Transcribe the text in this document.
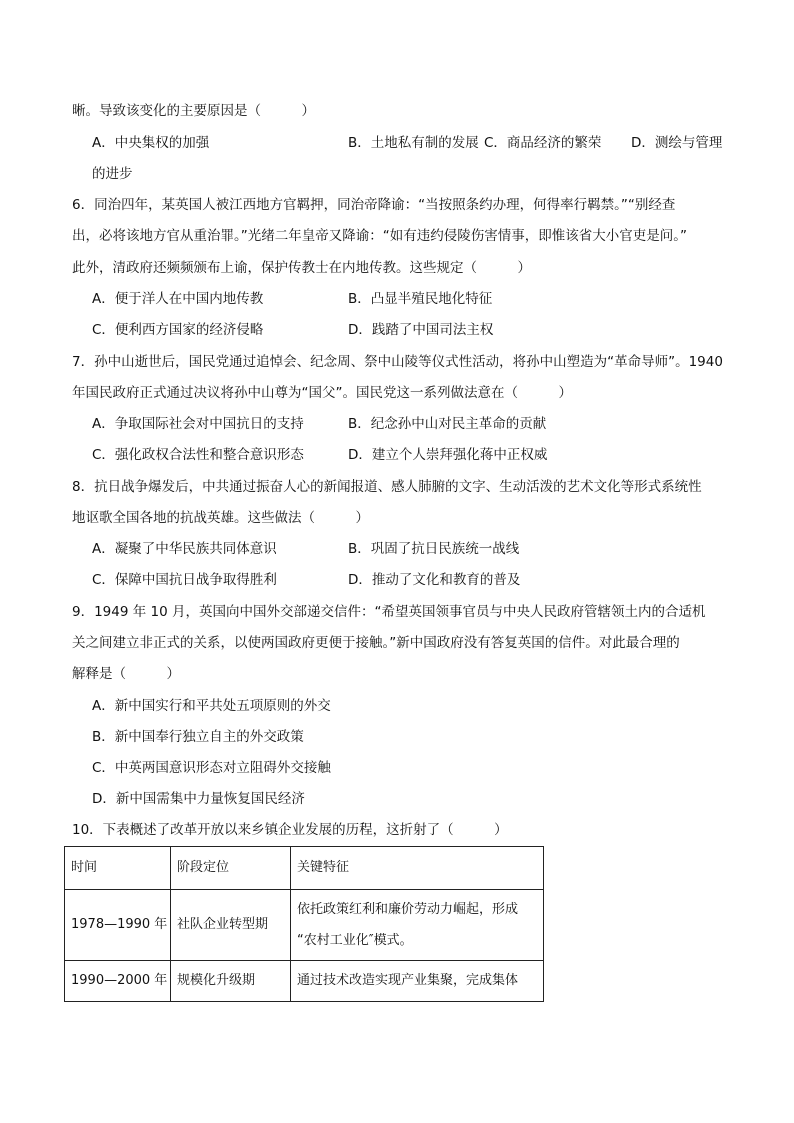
晰。导致该变化的主要原因是（　　　）
A．中央集权的加强	B．土地私有制的发展 C．商品经济的繁荣 D．测绘与管理
的进步
6．同治四年，某英国人被江西地方官羁押，同治帝降谕：“当按照条约办理，何得率行羁禁。”“别经查
出，必将该地方官从重治罪。”光绪二年皇帝又降谕：“如有违约侵陵伤害情事，即惟该省大小官吏是问。”
此外，清政府还频频颁布上谕，保护传教士在内地传教。这些规定（　　　）
A．便于洋人在中国内地传教	B．凸显半殖民地化特征
C．便利西方国家的经济侵略	D．践踏了中国司法主权
7．孙中山逝世后，国民党通过追悼会、纪念周、祭中山陵等仪式性活动，将孙中山塑造为“革命导师”。1940
年国民政府正式通过决议将孙中山尊为“国父”。国民党这一系列做法意在（　　　）
A．争取国际社会对中国抗日的支持	B．纪念孙中山对民主革命的贡献
C．强化政权合法性和整合意识形态	D．建立个人崇拜强化蒋中正权威
8．抗日战争爆发后，中共通过振奋人心的新闻报道、感人肺腑的文字、生动活泼的艺术文化等形式系统性
地讴歌全国各地的抗战英雄。这些做法（　　　）
A．凝聚了中华民族共同体意识	B．巩固了抗日民族统一战线
C．保障中国抗日战争取得胜利	D．推动了文化和教育的普及
9．1949 年 10 月，英国向中国外交部递交信件：“希望英国领事官员与中央人民政府管辖领土内的合适机
关之间建立非正式的关系，以使两国政府更便于接触。”新中国政府没有答复英国的信件。对此最合理的
解释是（　　　）
A．新中国实行和平共处五项原则的外交
B．新中国奉行独立自主的外交政策
C．中英两国意识形态对立阻碍外交接触
D．新中国需集中力量恢复国民经济
10．下表概述了改革开放以来乡镇企业发展的历程，这折射了（　　　）
时间	阶段定位	关键特征
1978—1990 年	社队企业转型期	依托政策红利和廉价劳动力崛起，形成
“农村工业化″模式。

1990—2000 年	规模化升级期	通过技术改造实现产业集聚，完成集体
